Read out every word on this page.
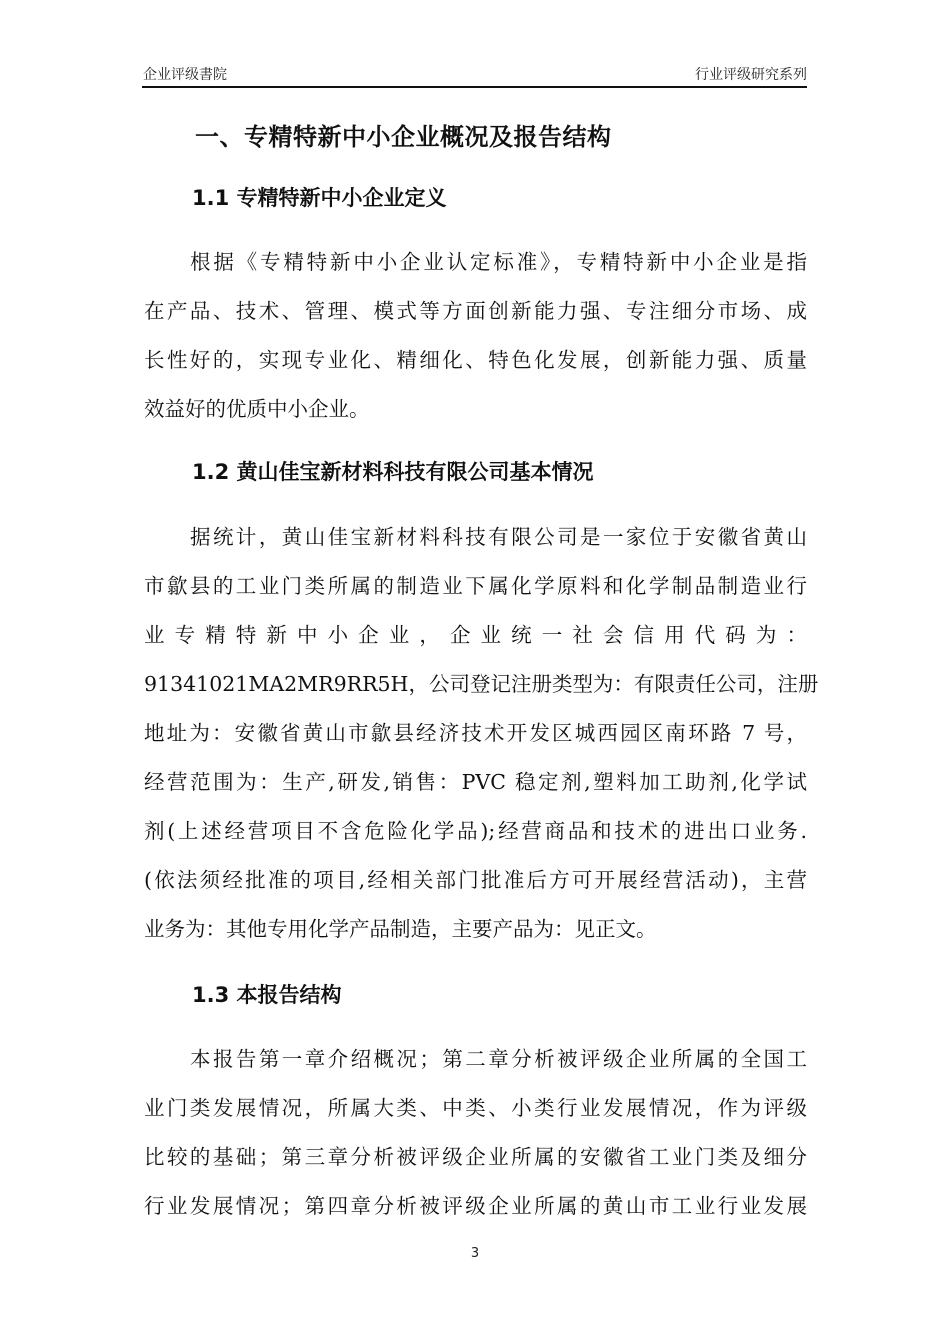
企业评级書院	行业评级研究系列
一、专精特新中小企业概况及报告结构
1.1 专精特新中小企业定义
根据《专精特新中小企业认定标准》，专精特新中小企业是指
在产品、技术、管理、模式等方面创新能力强、专注细分市场、成
长性好的，实现专业化、精细化、特色化发展，创新能力强、质量
效益好的优质中小企业。
1.2 黄山佳宝新材料科技有限公司基本情况
据统计，黄山佳宝新材料科技有限公司是一家位于安徽省黄山
市歙县的工业门类所属的制造业下属化学原料和化学制品制造业行
业专精特新中小企业，企业统一社会信用代码为：
91341021MA2MR9RR5H，公司登记注册类型为：有限责任公司，注册
地址为：安徽省黄山市歙县经济技术开发区城西园区南环路 7 号，
经营范围为：生产,研发,销售：PVC 稳定剂,塑料加工助剂,化学试
剂(上述经营项目不含危险化学品);经营商品和技术的进出口业务.
(依法须经批准的项目,经相关部门批准后方可开展经营活动)，主营
业务为：其他专用化学产品制造，主要产品为：见正文。
1.3 本报告结构
本报告第一章介绍概况；第二章分析被评级企业所属的全国工
业门类发展情况，所属大类、中类、小类行业发展情况，作为评级
比较的基础；第三章分析被评级企业所属的安徽省工业门类及细分
行业发展情况；第四章分析被评级企业所属的黄山市工业行业发展
3
